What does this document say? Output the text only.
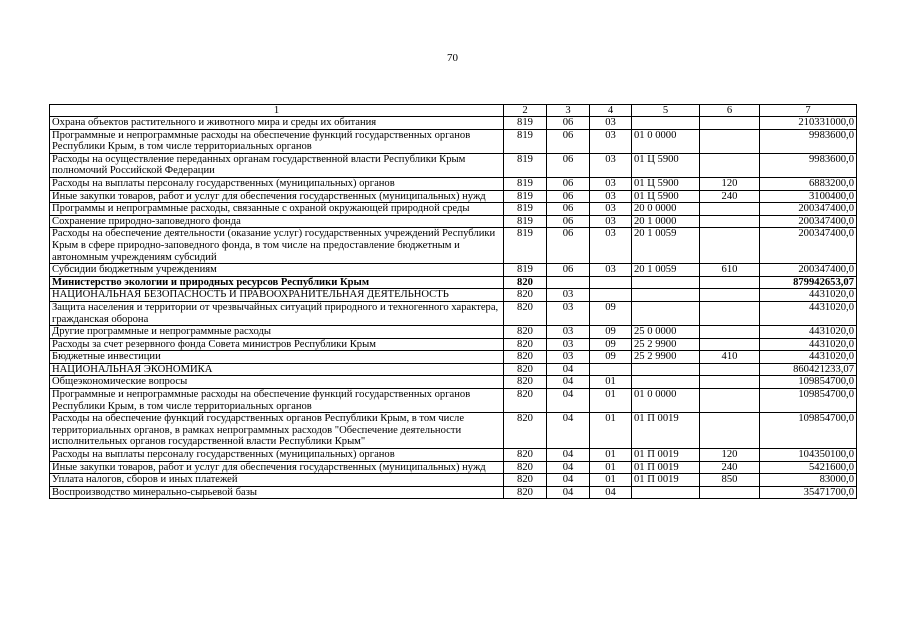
70
1	2	3	4	5	6	7
Охрана объектов растительного и животного мира и среды их обитания	819	06	03			210331000,0
Программные и непрограммные расходы на обеспечение функций государственных органов Республики Крым, в том числе территориальных органов	819	06	03	01 0 0000		9983600,0
Расходы на осуществление переданных органам государственной власти Республики Крым полномочий Российской Федерации	819	06	03	01 Ц 5900		9983600,0
Расходы на выплаты персоналу государственных (муниципальных) органов	819	06	03	01 Ц 5900	120	6883200,0
Иные закупки товаров, работ и услуг для обеспечения государственных (муниципальных) нужд	819	06	03	01 Ц 5900	240	3100400,0
Программы и непрограммные расходы, связанные с охраной окружающей природной среды	819	06	03	20 0 0000		200347400,0
Сохранение природно-заповедного фонда	819	06	03	20 1 0000		200347400,0
Расходы на обеспечение деятельности (оказание услуг) государственных учреждений Республики Крым в сфере природно-заповедного фонда, в том числе на предоставление бюджетным и автономным учреждениям субсидий	819	06	03	20 1 0059		200347400,0
Субсидии бюджетным учреждениям	819	06	03	20 1 0059	610	200347400,0
Министерство экологии и природных ресурсов Республики Крым	820					879942653,07
НАЦИОНАЛЬНАЯ БЕЗОПАСНОСТЬ И ПРАВООХРАНИТЕЛЬНАЯ ДЕЯТЕЛЬНОСТЬ	820	03				4431020,0
Защита населения и территории от чрезвычайных ситуаций природного и техногенного характера, гражданская оборона	820	03	09			4431020,0
Другие программные и непрограммные расходы	820	03	09	25 0 0000		4431020,0
Расходы за счет резервного фонда Совета министров Республики Крым	820	03	09	25 2 9900		4431020,0
Бюджетные инвестиции	820	03	09	25 2 9900	410	4431020,0
НАЦИОНАЛЬНАЯ ЭКОНОМИКА	820	04				860421233,07
Общеэкономические вопросы	820	04	01			109854700,0
Программные и непрограммные расходы на обеспечение функций государственных органов Республики Крым, в том числе территориальных органов	820	04	01	01 0 0000		109854700,0
Расходы на обеспечение функций государственных органов Республики Крым, в том числе территориальных органов, в рамках непрограммных расходов "Обеспечение деятельности исполнительных органов государственной власти Республики Крым"	820	04	01	01 П 0019		109854700,0
Расходы на выплаты персоналу государственных (муниципальных) органов	820	04	01	01 П 0019	120	104350100,0
Иные закупки товаров, работ и услуг для обеспечения государственных (муниципальных) нужд	820	04	01	01 П 0019	240	5421600,0
Уплата налогов, сборов и иных платежей	820	04	01	01 П 0019	850	83000,0
Воспроизводство минерально-сырьевой базы	820	04	04			35471700,0
